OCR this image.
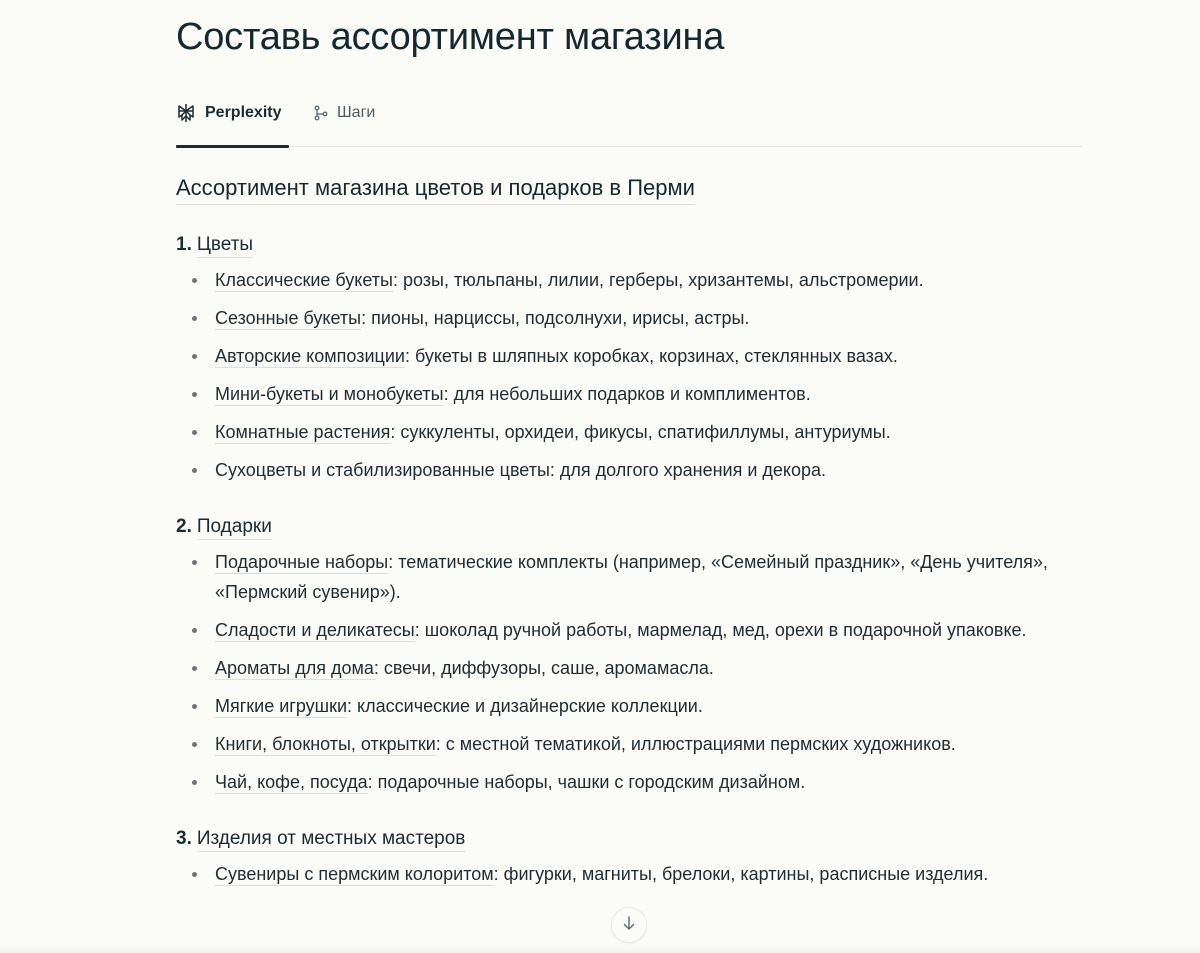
Составь ассортимент магазина
Perplexity	Шаги
Ассортимент магазина цветов и подарков в Перми
1. Цветы
Классические букеты: розы, тюльпаны, лилии, герберы, хризантемы, альстромерии.
Сезонные букеты: пионы, нарциссы, подсолнухи, ирисы, астры.
Авторские композиции: букеты в шляпных коробках, корзинах, стеклянных вазах.
Мини-букеты и монобукеты: для небольших подарков и комплиментов.
Комнатные растения: суккуленты, орхидеи, фикусы, спатифиллумы, антуриумы.
Сухоцветы и стабилизированные цветы: для долгого хранения и декора.
2. Подарки
Подарочные наборы: тематические комплекты (например, «Семейный праздник», «День учителя», «Пермский сувенир»).
Сладости и деликатесы: шоколад ручной работы, мармелад, мед, орехи в подарочной упаковке.
Ароматы для дома: свечи, диффузоры, саше, аромамасла.
Мягкие игрушки: классические и дизайнерские коллекции.
Книги, блокноты, открытки: с местной тематикой, иллюстрациями пермских художников.
Чай, кофе, посуда: подарочные наборы, чашки с городским дизайном.
3. Изделия от местных мастеров
Сувениры с пермским колоритом: фигурки, магниты, брелоки, картины, расписные изделия.
